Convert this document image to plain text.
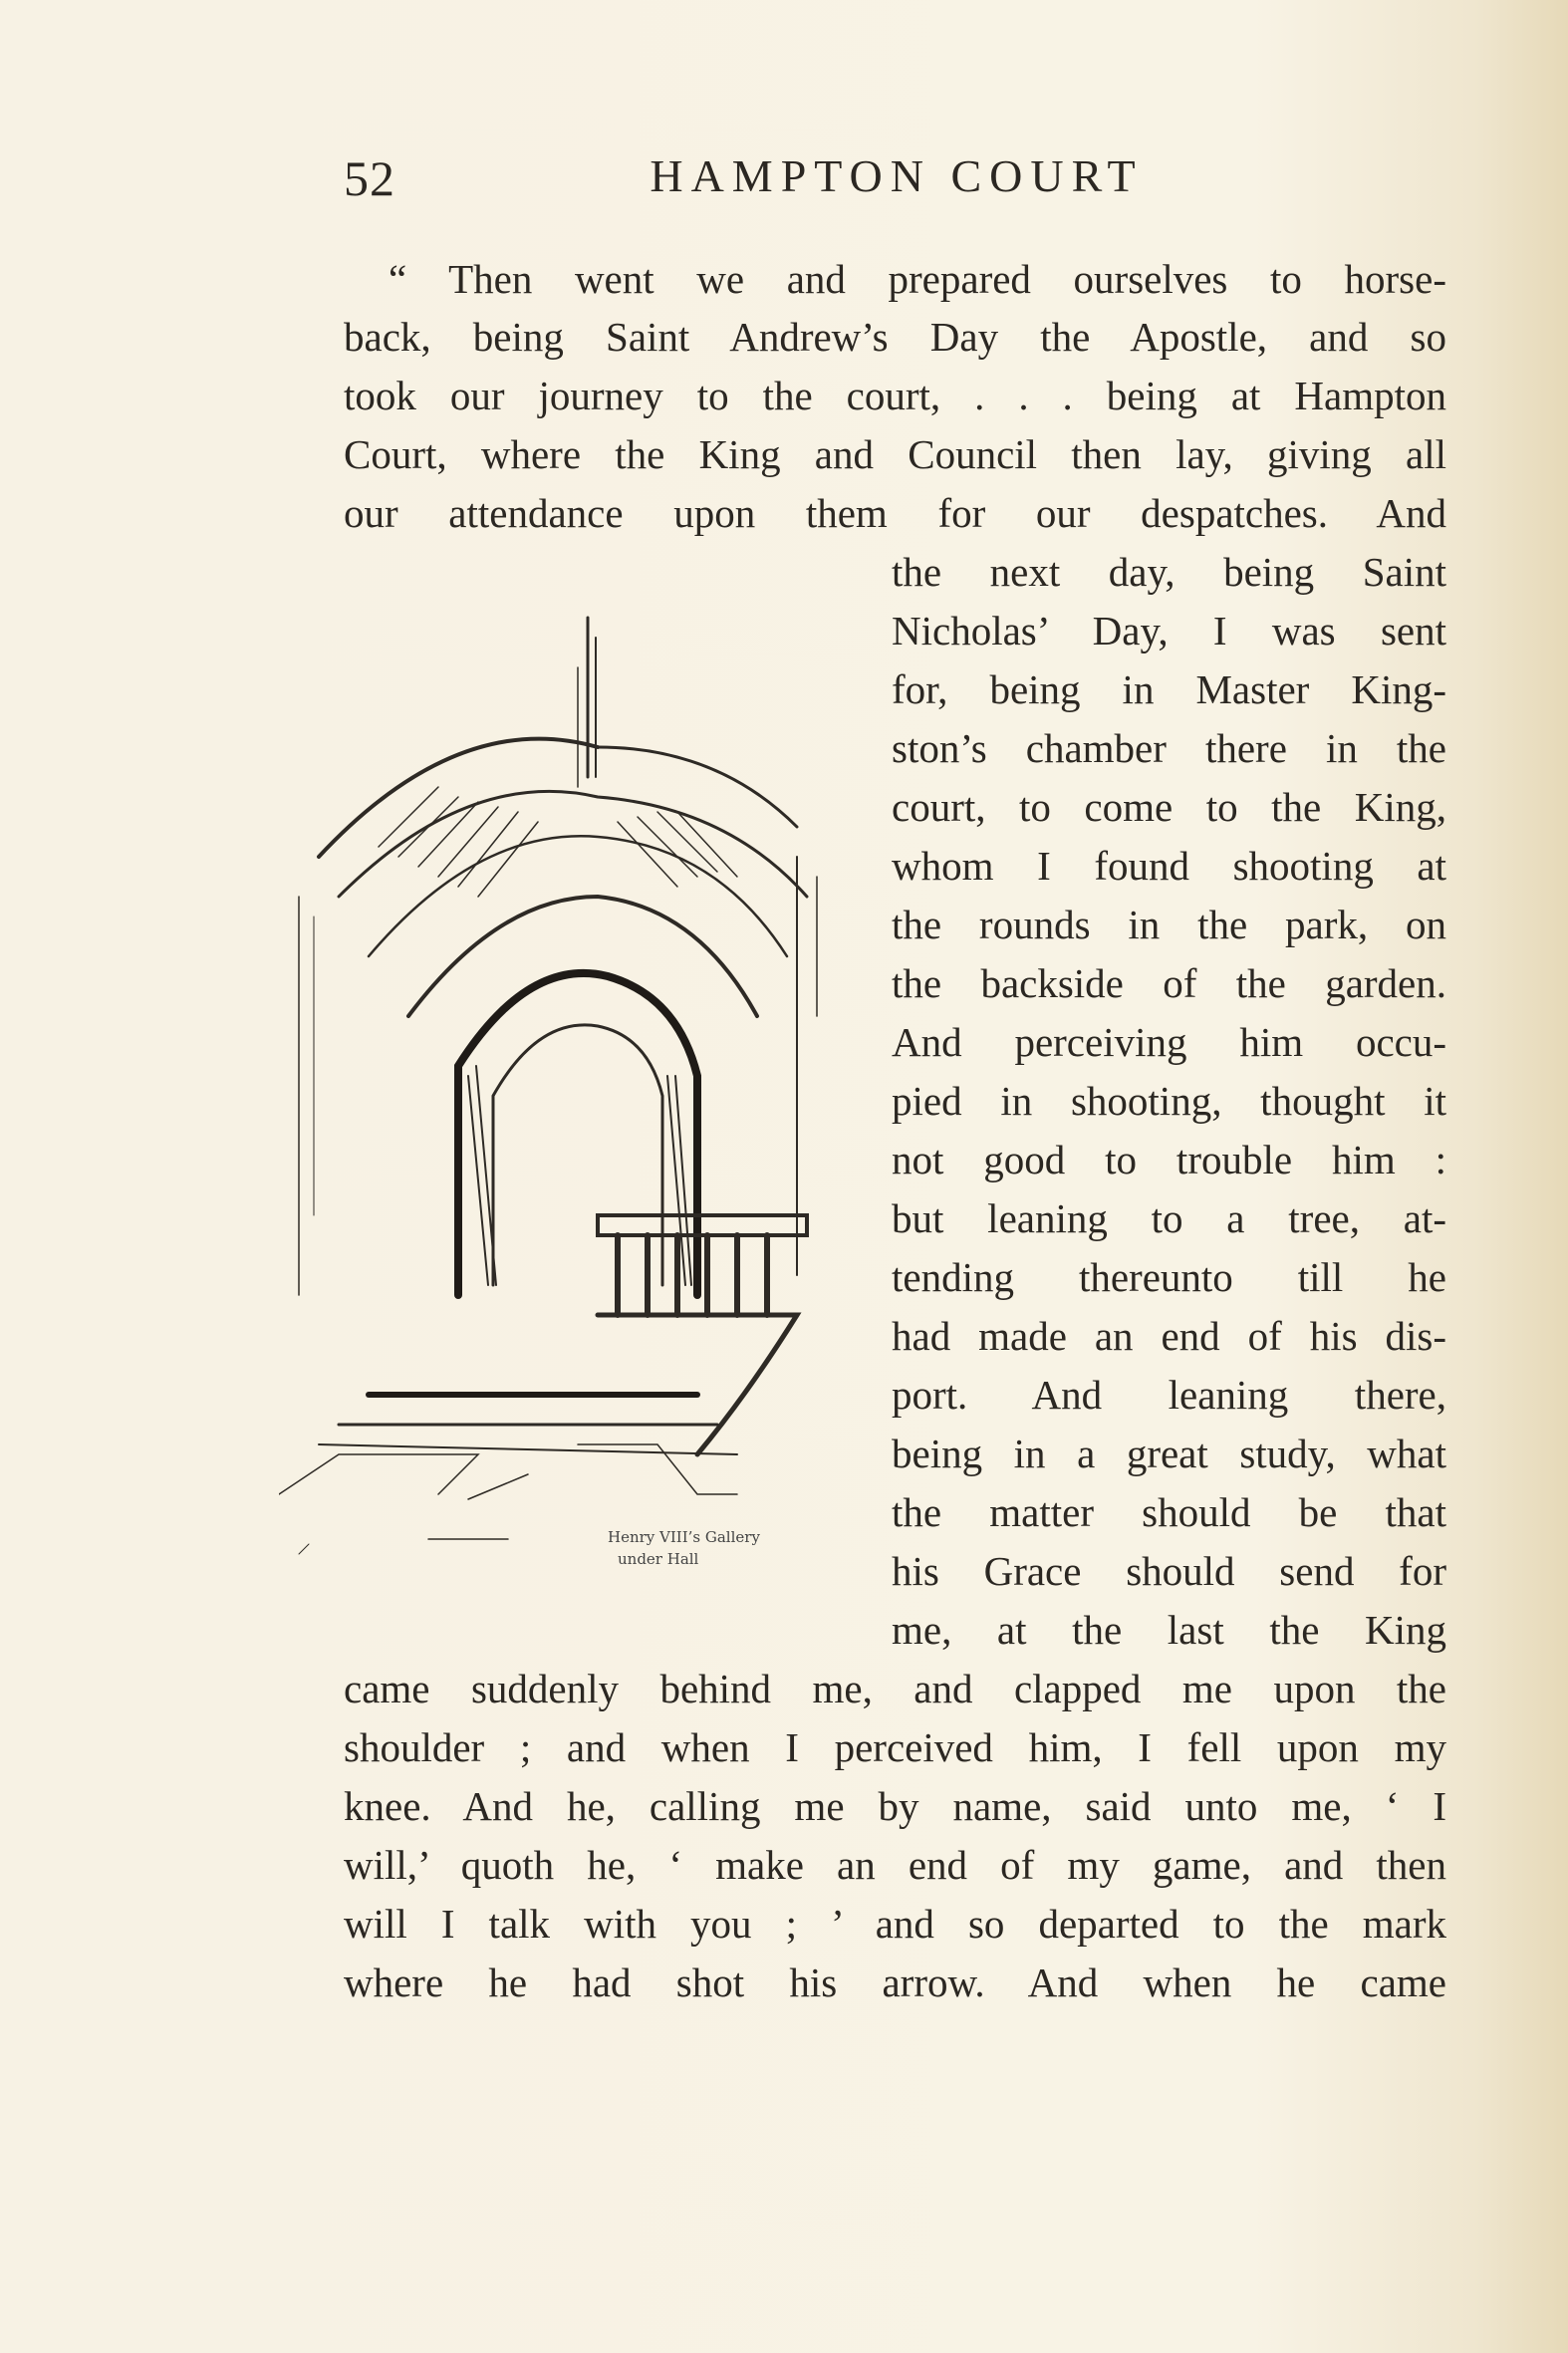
52	HAMPTON COURT
“ Then went we and prepared ourselves to horse-
back, being Saint Andrew’s Day the Apostle, and so
took our journey to the court, . . . being at Hampton
Court, where the King and Council then lay, giving all
our attendance upon them for our despatches. And
the next day, being Saint
Nicholas’ Day, I was sent
for, being in Master King-
ston’s chamber there in the
court, to come to the King,
whom I found shooting at
the rounds in the park, on
the backside of the garden.
And perceiving him occu-
pied in shooting, thought it
not good to trouble him :
but leaning to a tree, at-
tending thereunto till he
had made an end of his dis-
port. And leaning there,
being in a great study, what
the matter should be that
his Grace should send for
me, at the last the King
came suddenly behind me, and clapped me upon the
shoulder ; and when I perceived him, I fell upon my
knee. And he, calling me by name, said unto me, ‘ I
will,’ quoth he, ‘ make an end of my game, and then
will I talk with you ; ’ and so departed to the mark
where he had shot his arrow. And when he came
Henry VIII’s Gallery
under Hall
